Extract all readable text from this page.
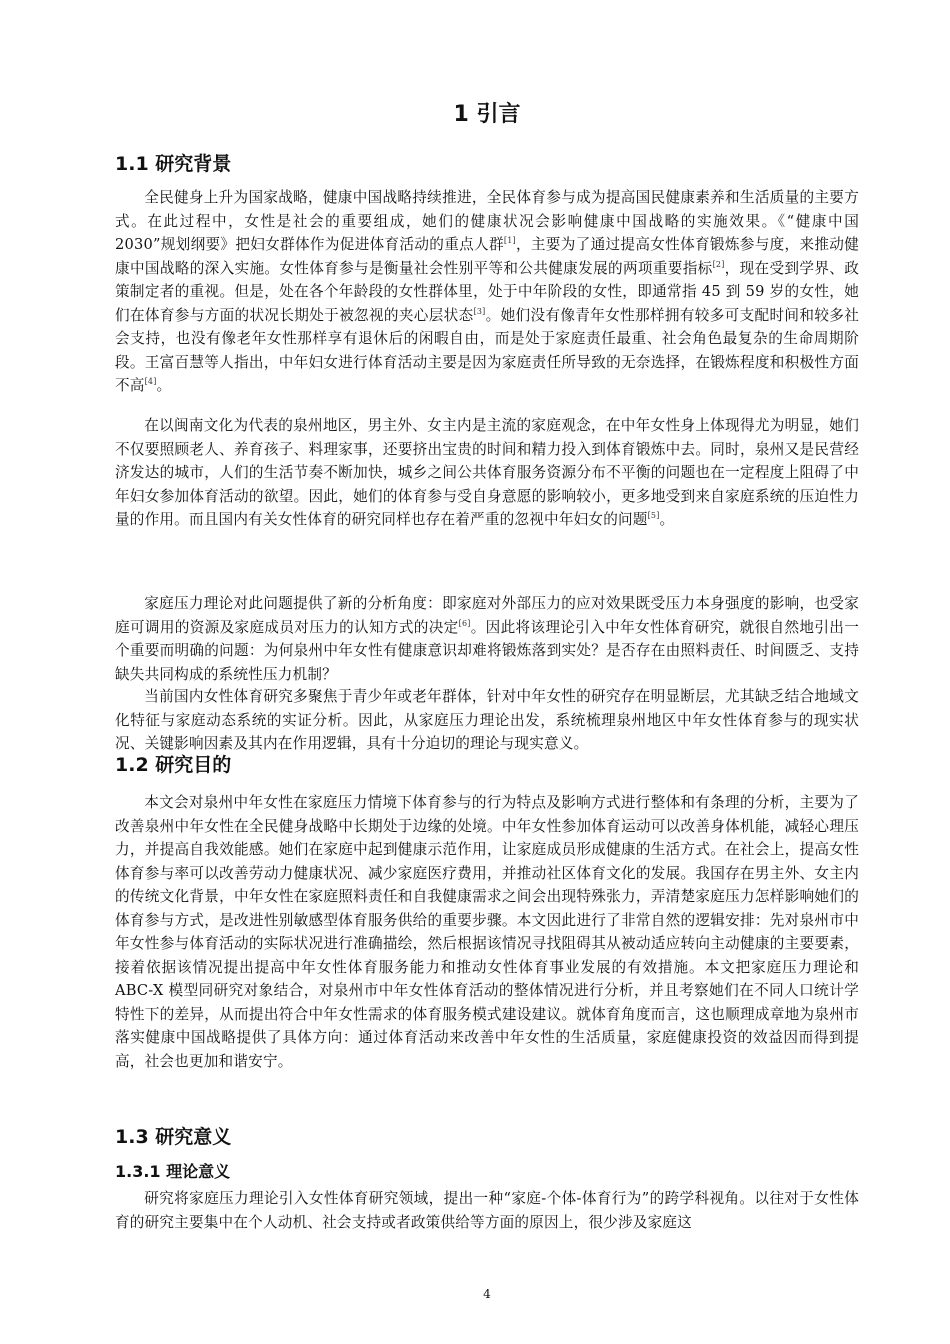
1 引言
1.1 研究背景

全民健身上升为国家战略，健康中国战略持续推进，全民体育参与成为提高国民健康素养和生活质量的主要方式。在此过程中，女性是社会的重要组成，她们的健康状况会影响健康中国战略的实施效果。《“健康中国 2030”规划纲要》把妇女群体作为促进体育活动的重点人群[1]，主要为了通过提高女性体育锻炼参与度，来推动健康中国战略的深入实施。女性体育参与是衡量社会性别平等和公共健康发展的两项重要指标[2]，现在受到学界、政策制定者的重视。但是，处在各个年龄段的女性群体里，处于中年阶段的女性，即通常指 45 到 59 岁的女性，她们在体育参与方面的状况长期处于被忽视的夹心层状态[3]。她们没有像青年女性那样拥有较多可支配时间和较多社会支持，也没有像老年女性那样享有退休后的闲暇自由，而是处于家庭责任最重、社会角色最复杂的生命周期阶段。王富百慧等人指出，中年妇女进行体育活动主要是因为家庭责任所导致的无奈选择，在锻炼程度和积极性方面不高[4]。

在以闽南文化为代表的泉州地区，男主外、女主内是主流的家庭观念，在中年女性身上体现得尤为明显，她们不仅要照顾老人、养育孩子、料理家事，还要挤出宝贵的时间和精力投入到体育锻炼中去。同时，泉州又是民营经济发达的城市，人们的生活节奏不断加快，城乡之间公共体育服务资源分布不平衡的问题也在一定程度上阻碍了中年妇女参加体育活动的欲望。因此，她们的体育参与受自身意愿的影响较小，更多地受到来自家庭系统的压迫性力量的作用。而且国内有关女性体育的研究同样也存在着严重的忽视中年妇女的问题[5]。

家庭压力理论对此问题提供了新的分析角度：即家庭对外部压力的应对效果既受压力本身强度的影响，也受家庭可调用的资源及家庭成员对压力的认知方式的决定[6]。因此将该理论引入中年女性体育研究，就很自然地引出一个重要而明确的问题：为何泉州中年女性有健康意识却难将锻炼落到实处？是否存在由照料责任、时间匮乏、支持缺失共同构成的系统性压力机制？

当前国内女性体育研究多聚焦于青少年或老年群体，针对中年女性的研究存在明显断层，尤其缺乏结合地域文化特征与家庭动态系统的实证分析。因此，从家庭压力理论出发，系统梳理泉州地区中年女性体育参与的现实状况、关键影响因素及其内在作用逻辑，具有十分迫切的理论与现实意义。

1.2 研究目的

本文会对泉州中年女性在家庭压力情境下体育参与的行为特点及影响方式进行整体和有条理的分析，主要为了改善泉州中年女性在全民健身战略中长期处于边缘的处境。中年女性参加体育运动可以改善身体机能，减轻心理压力，并提高自我效能感。她们在家庭中起到健康示范作用，让家庭成员形成健康的生活方式。在社会上，提高女性体育参与率可以改善劳动力健康状况、减少家庭医疗费用，并推动社区体育文化的发展。我国存在男主外、女主内的传统文化背景，中年女性在家庭照料责任和自我健康需求之间会出现特殊张力，弄清楚家庭压力怎样影响她们的体育参与方式，是改进性别敏感型体育服务供给的重要步骤。本文因此进行了非常自然的逻辑安排：先对泉州市中年女性参与体育活动的实际状况进行准确描绘，然后根据该情况寻找阻碍其从被动适应转向主动健康的主要要素，接着依据该情况提出提高中年女性体育服务能力和推动女性体育事业发展的有效措施。本文把家庭压力理论和 ABC-X 模型同研究对象结合，对泉州市中年女性体育活动的整体情况进行分析，并且考察她们在不同人口统计学特性下的差异，从而提出符合中年女性需求的体育服务模式建设建议。就体育角度而言，这也顺理成章地为泉州市落实健康中国战略提供了具体方向：通过体育活动来改善中年女性的生活质量，家庭健康投资的效益因而得到提高，社会也更加和谐安宁。

1.3 研究意义
1.3.1 理论意义

研究将家庭压力理论引入女性体育研究领域，提出一种“家庭-个体-体育行为”的跨学科视角。以往对于女性体育的研究主要集中在个人动机、社会支持或者政策供给等方面的原因上，很少涉及家庭这

4
